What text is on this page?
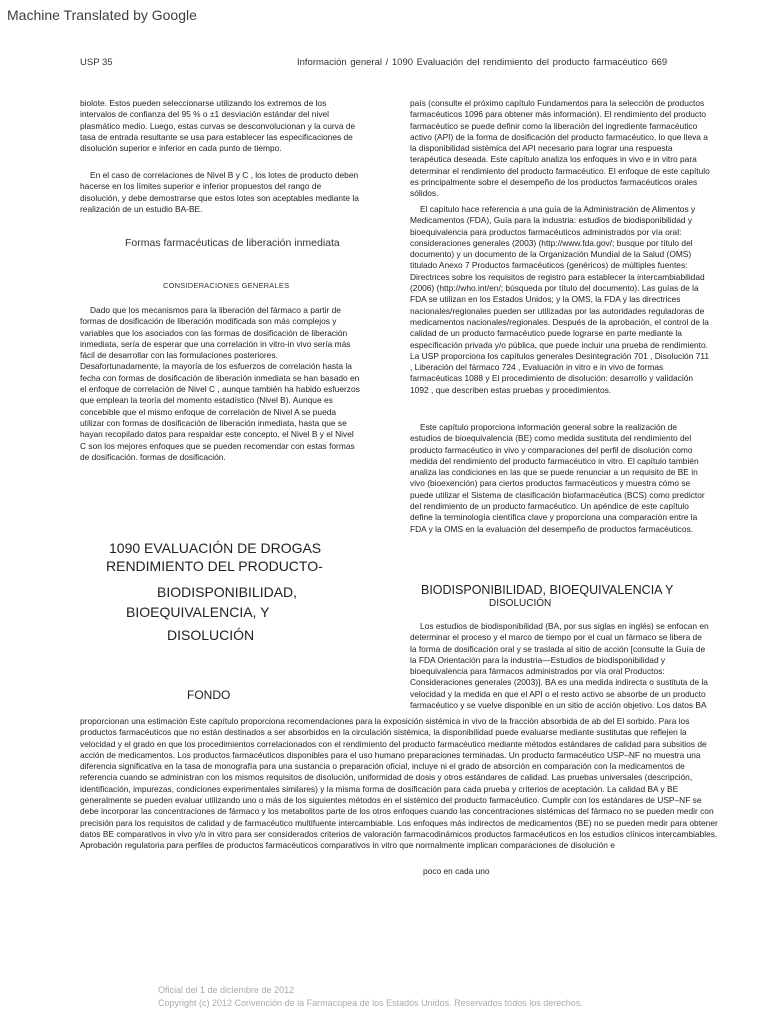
Machine Translated by Google
USP 35	Información general / 1090 Evaluación del rendimiento del producto farmacéutico 669

biolote. Estos pueden seleccionarse utilizando los extremos de los intervalos de confianza del 95 % o ±1 desviación estándar del nivel plasmático medio. Luego, estas curvas se desconvolucionan y la curva de tasa de entrada resultante se usa para establecer las especificaciones de disolución superior e inferior en cada punto de tiempo.

En el caso de correlaciones de Nivel B y C , los lotes de producto deben hacerse en los límites superior e inferior propuestos del rango de disolución, y debe demostrarse que estos lotes son aceptables mediante la realización de un estudio BA-BE.

Formas farmacéuticas de liberación inmediata
CONSIDERACIONES GENERALES

Dado que los mecanismos para la liberación del fármaco a partir de formas de dosificación de liberación modificada son más complejos y variables que los asociados con las formas de dosificación de liberación inmediata, sería de esperar que una correlación in vitro-in vivo sería más fácil de desarrollar con las formulaciones posteriores. Desafortunadamente, la mayoría de los esfuerzos de correlación hasta la fecha con formas de dosificación de liberación inmediata se han basado en el enfoque de correlación de Nivel C , aunque también ha habido esfuerzos que emplean la teoría del momento estadístico (Nivel B). Aunque es concebible que el mismo enfoque de correlación de Nivel A se pueda utilizar con formas de dosificación de liberación inmediata, hasta que se hayan recopilado datos para respaldar este concepto, el Nivel B y el Nivel C son los mejores enfoques que se pueden recomendar con estas formas de dosificación. formas de dosificación.

1090 EVALUACIÓN DE DROGAS
RENDIMIENTO DEL PRODUCTO-
BIODISPONIBILIDAD,
BIOEQUIVALENCIA, Y
DISOLUCIÓN
FONDO

país (consulte el próximo capítulo Fundamentos para la selección de productos farmacéuticos 1096 para obtener más información). El rendimiento del producto farmacéutico se puede definir como la liberación del ingrediente farmacéutico activo (API) de la forma de dosificación del producto farmacéutico, lo que lleva a la disponibilidad sistémica del API necesario para lograr una respuesta terapéutica deseada. Este capítulo analiza los enfoques in vivo e in vitro para determinar el rendimiento del producto farmacéutico. El enfoque de este capítulo es principalmente sobre el desempeño de los productos farmacéuticos orales sólidos.

El capítulo hace referencia a una guía de la Administración de Alimentos y Medicamentos (FDA), Guía para la industria: estudios de biodisponibilidad y bioequivalencia para productos farmacéuticos administrados por vía oral: consideraciones generales (2003) (http://www.fda.gov/; busque por título del documento) y un documento de la Organización Mundial de la Salud (OMS) titulado Anexo 7 Productos farmacéuticos (genéricos) de múltiples fuentes: Directrices sobre los requisitos de registro para establecer la intercambiabilidad (2006) (http://who.int/en/; búsqueda por título del documento). Las guías de la FDA se utilizan en los Estados Unidos; y la OMS, la FDA y las directrices nacionales/regionales pueden ser utilizadas por las autoridades reguladoras de medicamentos nacionales/regionales. Después de la aprobación, el control de la calidad de un producto farmacéutico puede lograrse en parte mediante la especificación privada y/o pública, que puede incluir una prueba de rendimiento. La USP proporciona los capítulos generales Desintegración 701 , Disolución 711 , Liberación del fármaco 724 , Evaluación in vitro e in vivo de formas farmacéuticas 1088 y El procedimiento de disolución: desarrollo y validación 1092 , que describen estas pruebas y procedimientos.

Este capítulo proporciona información general sobre la realización de estudios de bioequivalencia (BE) como medida sustituta del rendimiento del producto farmacéutico in vivo y comparaciones del perfil de disolución como medida del rendimiento del producto farmacéutico in vitro. El capítulo también analiza las condiciones en las que se puede renunciar a un requisito de BE in vivo (bioexención) para ciertos productos farmacéuticos y muestra cómo se puede utilizar el Sistema de clasificación biofarmacéutica (BCS) como predictor del rendimiento de un producto farmacéutico. Un apéndice de este capítulo define la terminología científica clave y proporciona una comparación entre la FDA y la OMS en la evaluación del desempeño de productos farmacéuticos.

BIODISPONIBILIDAD, BIOEQUIVALENCIA Y
DISOLUCIÓN

Los estudios de biodisponibilidad (BA, por sus siglas en inglés) se enfocan en determinar el proceso y el marco de tiempo por el cual un fármaco se libera de la forma de dosificación oral y se traslada al sitio de acción [consulte la Guía de la FDA Orientación para la industria—Estudios de biodisponibilidad y bioequivalencia para fármacos administrados por vía oral Productos: Consideraciones generales (2003)]. BA es una medida indirecta o sustituta de la velocidad y la medida en que el API o el resto activo se absorbe de un producto farmacéutico y se vuelve disponible en un sitio de acción objetivo. Los datos BA

proporcionan una estimación Este capítulo proporciona recomendaciones para la exposición sistémica in vivo de la fracción absorbida de ab del El sorbido. Para los productos farmacéuticos que no están destinados a ser absorbidos en la circulación sistémica, la disponibilidad puede evaluarse mediante sustitutas que reflejen la velocidad y el grado en que los procedimientos correlacionados con el rendimiento del producto farmacéutico mediante métodos estándares de calidad para subsitios de acción de medicamentos. Los productos farmacéuticos disponibles para el uso humano preparaciones terminadas. Un producto farmacéutico USP–NF no muestra una diferencia significativa en la tasa de monografía para una sustancia o preparación oficial, incluye ni el grado de absorción en comparación con la medicamentos de referencia cuando se administran con los mismos requisitos de disolución, uniformidad de dosis y otros estándares de calidad. Las pruebas universales (descripción, identificación, impurezas, condiciones experimentales similares) y la misma forma de dosificación para cada prueba y criterios de aceptación. La calidad BA y BE generalmente se pueden evaluar utilizando uno o más de los siguientes métodos en el sistémico del producto farmacéutico. Cumplir con los estándares de USP–NF se debe incorporar las concentraciones de fármaco y los metabolitos parte de los otros enfoques cuando las concentraciones sistémicas del fármaco no se pueden medir con precisión para los requisitos de calidad y de farmacéutico multifuente intercambiable. Los enfoques más indirectos de medicamentos (BE) no se pueden medir para obtener datos BE comparativos in vivo y/o in vitro para ser considerados criterios de valoración farmacodinámicos productos farmacéuticos en los estudios clínicos intercambiables. Aprobación regulatoria para perfiles de productos farmacéuticos comparativos in vitro que normalmente implican comparaciones de disolución e

poco en cada uno
Oficial del 1 de diciembre de 2012
Copyright (c) 2012 Convención de la Farmacopea de los Estados Unidos. Reservados todos los derechos.
